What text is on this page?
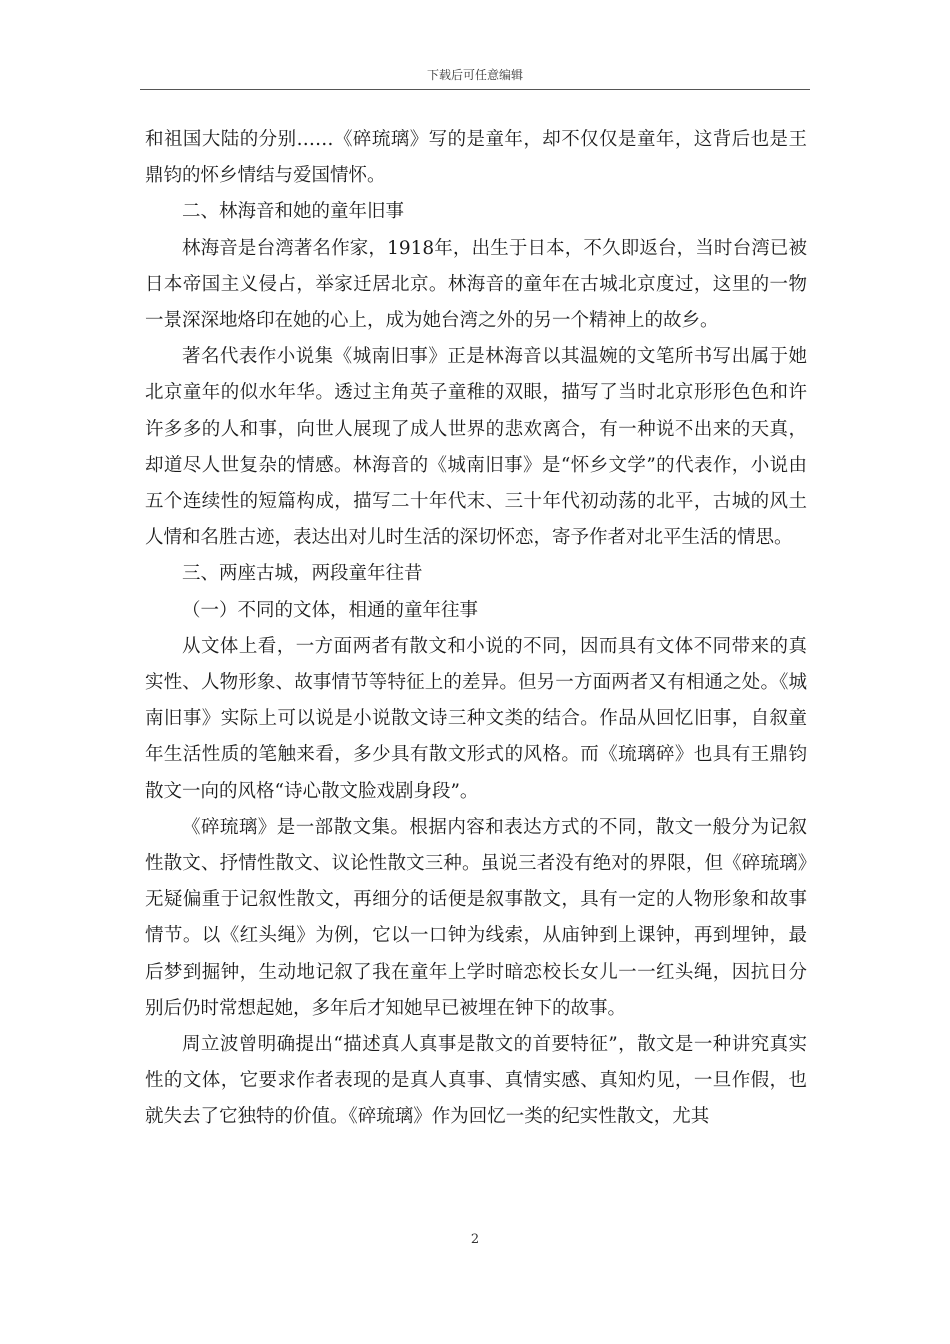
下载后可任意编辑

和祖国大陆的分别……《碎琉璃》写的是童年，却不仅仅是童年，这背后也是王鼎钧的怀乡情结与爱国情怀。

二、林海音和她的童年旧事

林海音是台湾著名作家，1918年，出生于日本，不久即返台，当时台湾已被日本帝国主义侵占，举家迁居北京。林海音的童年在古城北京度过，这里的一物一景深深地烙印在她的心上，成为她台湾之外的另一个精神上的故乡。

著名代表作小说集《城南旧事》正是林海音以其温婉的文笔所书写出属于她北京童年的似水年华。透过主角英子童稚的双眼，描写了当时北京形形色色和许许多多的人和事，向世人展现了成人世界的悲欢离合，有一种说不出来的天真，却道尽人世复杂的情感。林海音的《城南旧事》是“怀乡文学”的代表作，小说由五个连续性的短篇构成，描写二十年代末、三十年代初动荡的北平，古城的风土人情和名胜古迹，表达出对儿时生活的深切怀恋，寄予作者对北平生活的情思。

三、两座古城，两段童年往昔

（一）不同的文体，相通的童年往事

从文体上看，一方面两者有散文和小说的不同，因而具有文体不同带来的真实性、人物形象、故事情节等特征上的差异。但另一方面两者又有相通之处。《城南旧事》实际上可以说是小说散文诗三种文类的结合。作品从回忆旧事，自叙童年生活性质的笔触来看，多少具有散文形式的风格。而《琉璃碎》也具有王鼎钧散文一向的风格“诗心散文脸戏剧身段”。

《碎琉璃》是一部散文集。根据内容和表达方式的不同，散文一般分为记叙性散文、抒情性散文、议论性散文三种。虽说三者没有绝对的界限，但《碎琉璃》无疑偏重于记叙性散文，再细分的话便是叙事散文，具有一定的人物形象和故事情节。以《红头绳》为例，它以一口钟为线索，从庙钟到上课钟，再到埋钟，最后梦到掘钟，生动地记叙了我在童年上学时暗恋校长女儿一一红头绳，因抗日分别后仍时常想起她，多年后才知她早已被埋在钟下的故事。

周立波曾明确提出“描述真人真事是散文的首要特征”，散文是一种讲究真实性的文体，它要求作者表现的是真人真事、真情实感、真知灼见，一旦作假，也就失去了它独特的价值。《碎琉璃》作为回忆一类的纪实性散文，尤其

2
